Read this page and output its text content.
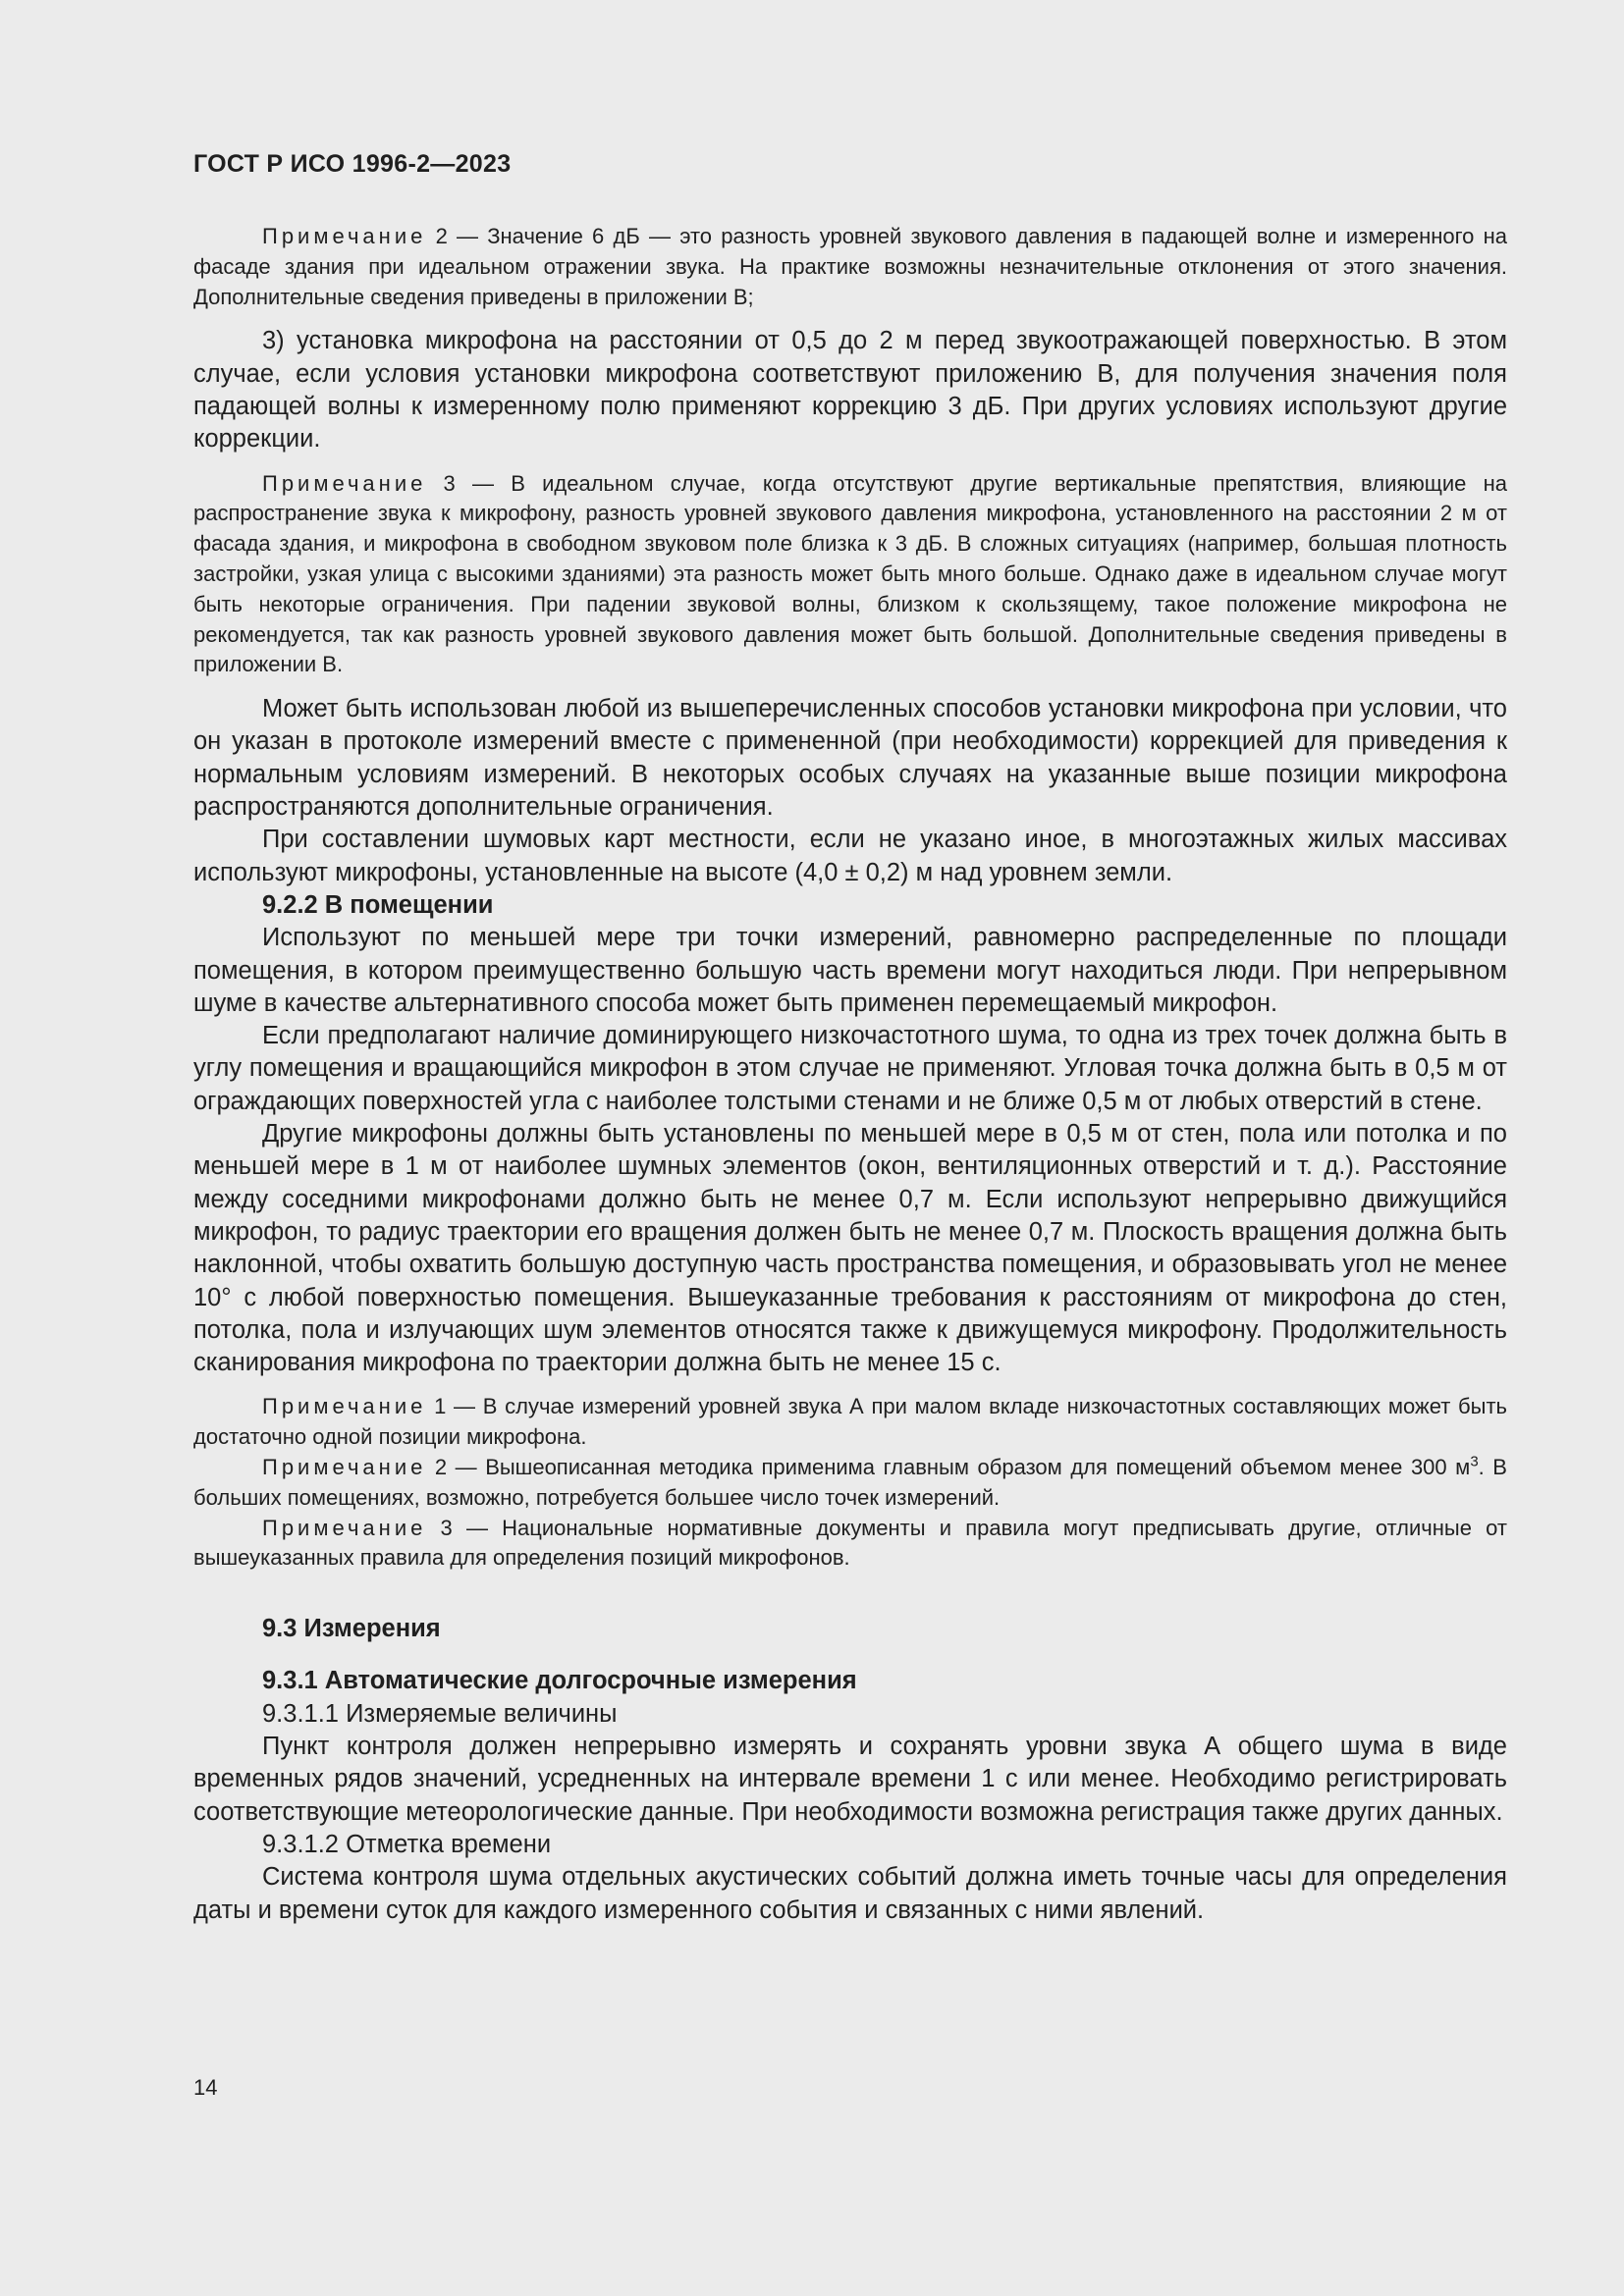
ГОСТ Р ИСО 1996-2—2023

Примечание 2 — Значение 6 дБ — это разность уровней звукового давления в падающей волне и измеренного на фасаде здания при идеальном отражении звука. На практике возможны незначительные отклонения от этого значения. Дополнительные сведения приведены в приложении В;

3) установка микрофона на расстоянии от 0,5 до 2 м перед звукоотражающей поверхностью. В этом случае, если условия установки микрофона соответствуют приложению В, для получения значения поля падающей волны к измеренному полю применяют коррекцию 3 дБ. При других условиях используют другие коррекции.

Примечание 3 — В идеальном случае, когда отсутствуют другие вертикальные препятствия, влияющие на распространение звука к микрофону, разность уровней звукового давления микрофона, установленного на расстоянии 2 м от фасада здания, и микрофона в свободном звуковом поле близка к 3 дБ. В сложных ситуациях (например, большая плотность застройки, узкая улица с высокими зданиями) эта разность может быть много больше. Однако даже в идеальном случае могут быть некоторые ограничения. При падении звуковой волны, близком к скользящему, такое положение микрофона не рекомендуется, так как разность уровней звукового давления может быть большой. Дополнительные сведения приведены в приложении В.

Может быть использован любой из вышеперечисленных способов установки микрофона при условии, что он указан в протоколе измерений вместе с примененной (при необходимости) коррекцией для приведения к нормальным условиям измерений. В некоторых особых случаях на указанные выше позиции микрофона распространяются дополнительные ограничения.

При составлении шумовых карт местности, если не указано иное, в многоэтажных жилых массивах используют микрофоны, установленные на высоте (4,0 ± 0,2) м над уровнем земли.

9.2.2 В помещении

Используют по меньшей мере три точки измерений, равномерно распределенные по площади помещения, в котором преимущественно большую часть времени могут находиться люди. При непрерывном шуме в качестве альтернативного способа может быть применен перемещаемый микрофон.

Если предполагают наличие доминирующего низкочастотного шума, то одна из трех точек должна быть в углу помещения и вращающийся микрофон в этом случае не применяют. Угловая точка должна быть в 0,5 м от ограждающих поверхностей угла с наиболее толстыми стенами и не ближе 0,5 м от любых отверстий в стене.

Другие микрофоны должны быть установлены по меньшей мере в 0,5 м от стен, пола или потолка и по меньшей мере в 1 м от наиболее шумных элементов (окон, вентиляционных отверстий и т. д.). Расстояние между соседними микрофонами должно быть не менее 0,7 м. Если используют непрерывно движущийся микрофон, то радиус траектории его вращения должен быть не менее 0,7 м. Плоскость вращения должна быть наклонной, чтобы охватить большую доступную часть пространства помещения, и образовывать угол не менее 10° с любой поверхностью помещения. Вышеуказанные требования к расстояниям от микрофона до стен, потолка, пола и излучающих шум элементов относятся также к движущемуся микрофону. Продолжительность сканирования микрофона по траектории должна быть не менее 15 с.

Примечание 1 — В случае измерений уровней звука А при малом вкладе низкочастотных составляющих может быть достаточно одной позиции микрофона.

Примечание 2 — Вышеописанная методика применима главным образом для помещений объемом менее 300 $м^3$. В больших помещениях, возможно, потребуется большее число точек измерений.

Примечание 3 — Национальные нормативные документы и правила могут предписывать другие, отличные от вышеуказанных правила для определения позиций микрофонов.

9.3 Измерения

9.3.1 Автоматические долгосрочные измерения

9.3.1.1 Измеряемые величины

Пункт контроля должен непрерывно измерять и сохранять уровни звука А общего шума в виде временных рядов значений, усредненных на интервале времени 1 с или менее. Необходимо регистрировать соответствующие метеорологические данные. При необходимости возможна регистрация также других данных.

9.3.1.2 Отметка времени

Система контроля шума отдельных акустических событий должна иметь точные часы для определения даты и времени суток для каждого измеренного события и связанных с ними явлений.

14
